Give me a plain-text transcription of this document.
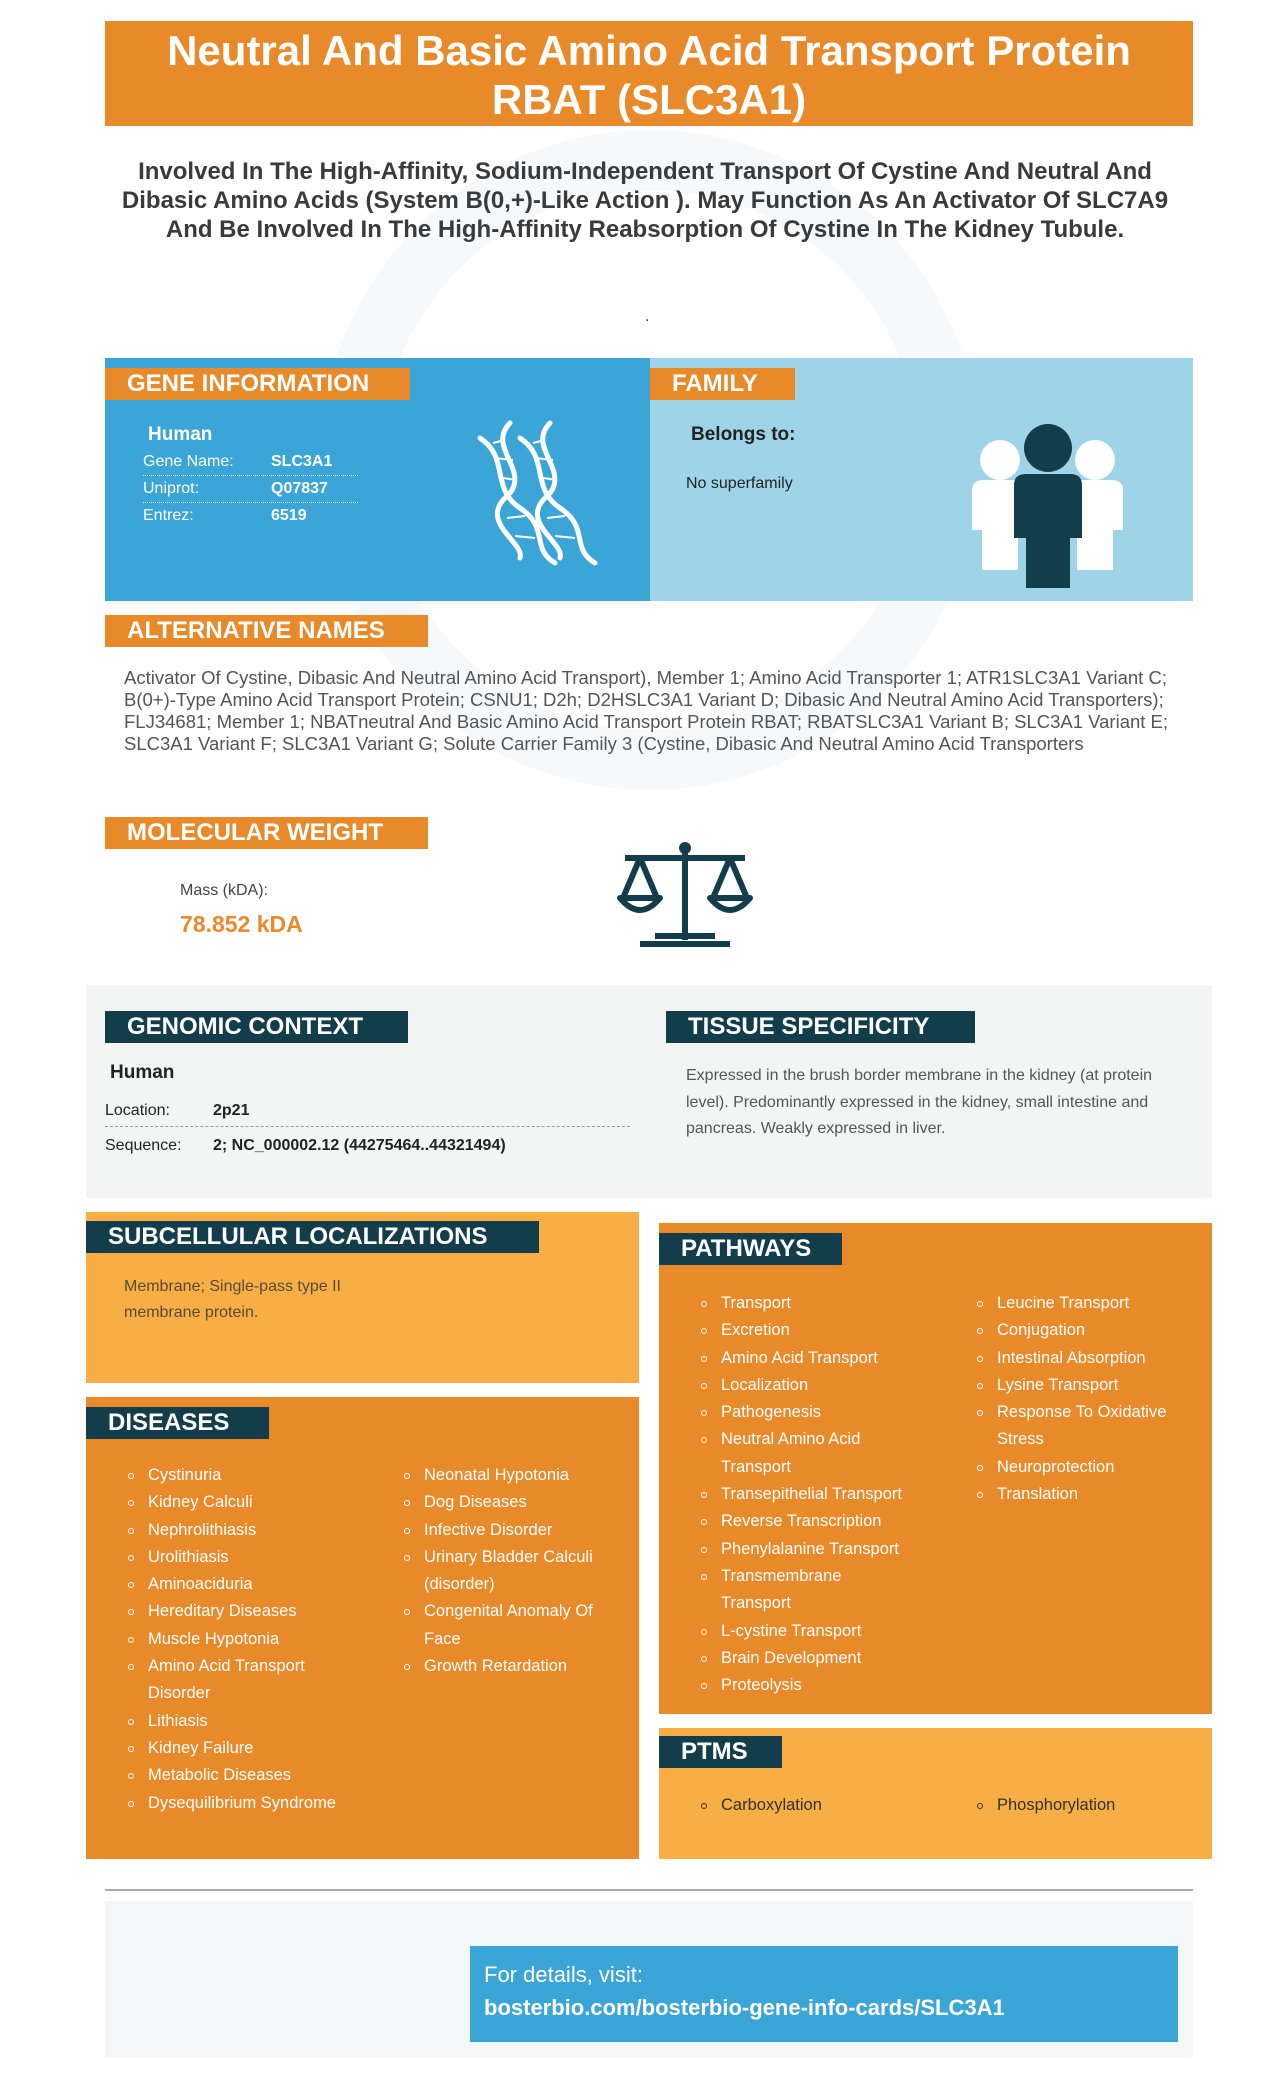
Neutral And Basic Amino Acid Transport Protein RBAT (SLC3A1)
Involved In The High-Affinity, Sodium-Independent Transport Of Cystine And Neutral And Dibasic Amino Acids (System B(0,+)-Like Action ). May Function As An Activator Of SLC7A9 And Be Involved In The High-Affinity Reabsorption Of Cystine In The Kidney Tubule.
.
GENE INFORMATION
Human
Gene Name: SLC3A1
Uniprot:	Q07837
Entrez:	6519
FAMILY
Belongs to:
No superfamily
ALTERNATIVE NAMES
Activator Of Cystine, Dibasic And Neutral Amino Acid Transport), Member 1; Amino Acid Transporter 1; ATR1SLC3A1 Variant C; B(0+)-Type Amino Acid Transport Protein; CSNU1; D2h; D2HSLC3A1 Variant D; Dibasic And Neutral Amino Acid Transporters); FLJ34681; Member 1; NBATneutral And Basic Amino Acid Transport Protein RBAT; RBATSLC3A1 Variant B; SLC3A1 Variant E; SLC3A1 Variant F; SLC3A1 Variant G; Solute Carrier Family 3 (Cystine, Dibasic And Neutral Amino Acid Transporters
MOLECULAR WEIGHT
Mass (kDA):
78.852 kDA
GENOMIC CONTEXT
Human
Location:	2p21
Sequence: 2; NC_000002.12 (44275464..44321494)
TISSUE SPECIFICITY
Expressed in the brush border membrane in the kidney (at protein level). Predominantly expressed in the kidney, small intestine and pancreas. Weakly expressed in liver.
SUBCELLULAR LOCALIZATIONS
Membrane; Single-pass type II membrane protein.
DISEASES
Cystinuria
Kidney Calculi
Nephrolithiasis
Urolithiasis
Aminoaciduria
Hereditary Diseases
Muscle Hypotonia
Amino Acid Transport Disorder
Lithiasis
Kidney Failure
Metabolic Diseases
Dysequilibrium Syndrome
Neonatal Hypotonia
Dog Diseases
Infective Disorder
Urinary Bladder Calculi (disorder)
Congenital Anomaly Of Face
Growth Retardation
PATHWAYS
Transport
Excretion
Amino Acid Transport
Localization
Pathogenesis
Neutral Amino Acid Transport
Transepithelial Transport
Reverse Transcription
Phenylalanine Transport
Transmembrane Transport
L-cystine Transport
Brain Development
Proteolysis
Leucine Transport
Conjugation
Intestinal Absorption
Lysine Transport
Response To Oxidative Stress
Neuroprotection
Translation
PTMS
Carboxylation	Phosphorylation
For details, visit:
bosterbio.com/bosterbio-gene-info-cards/SLC3A1
